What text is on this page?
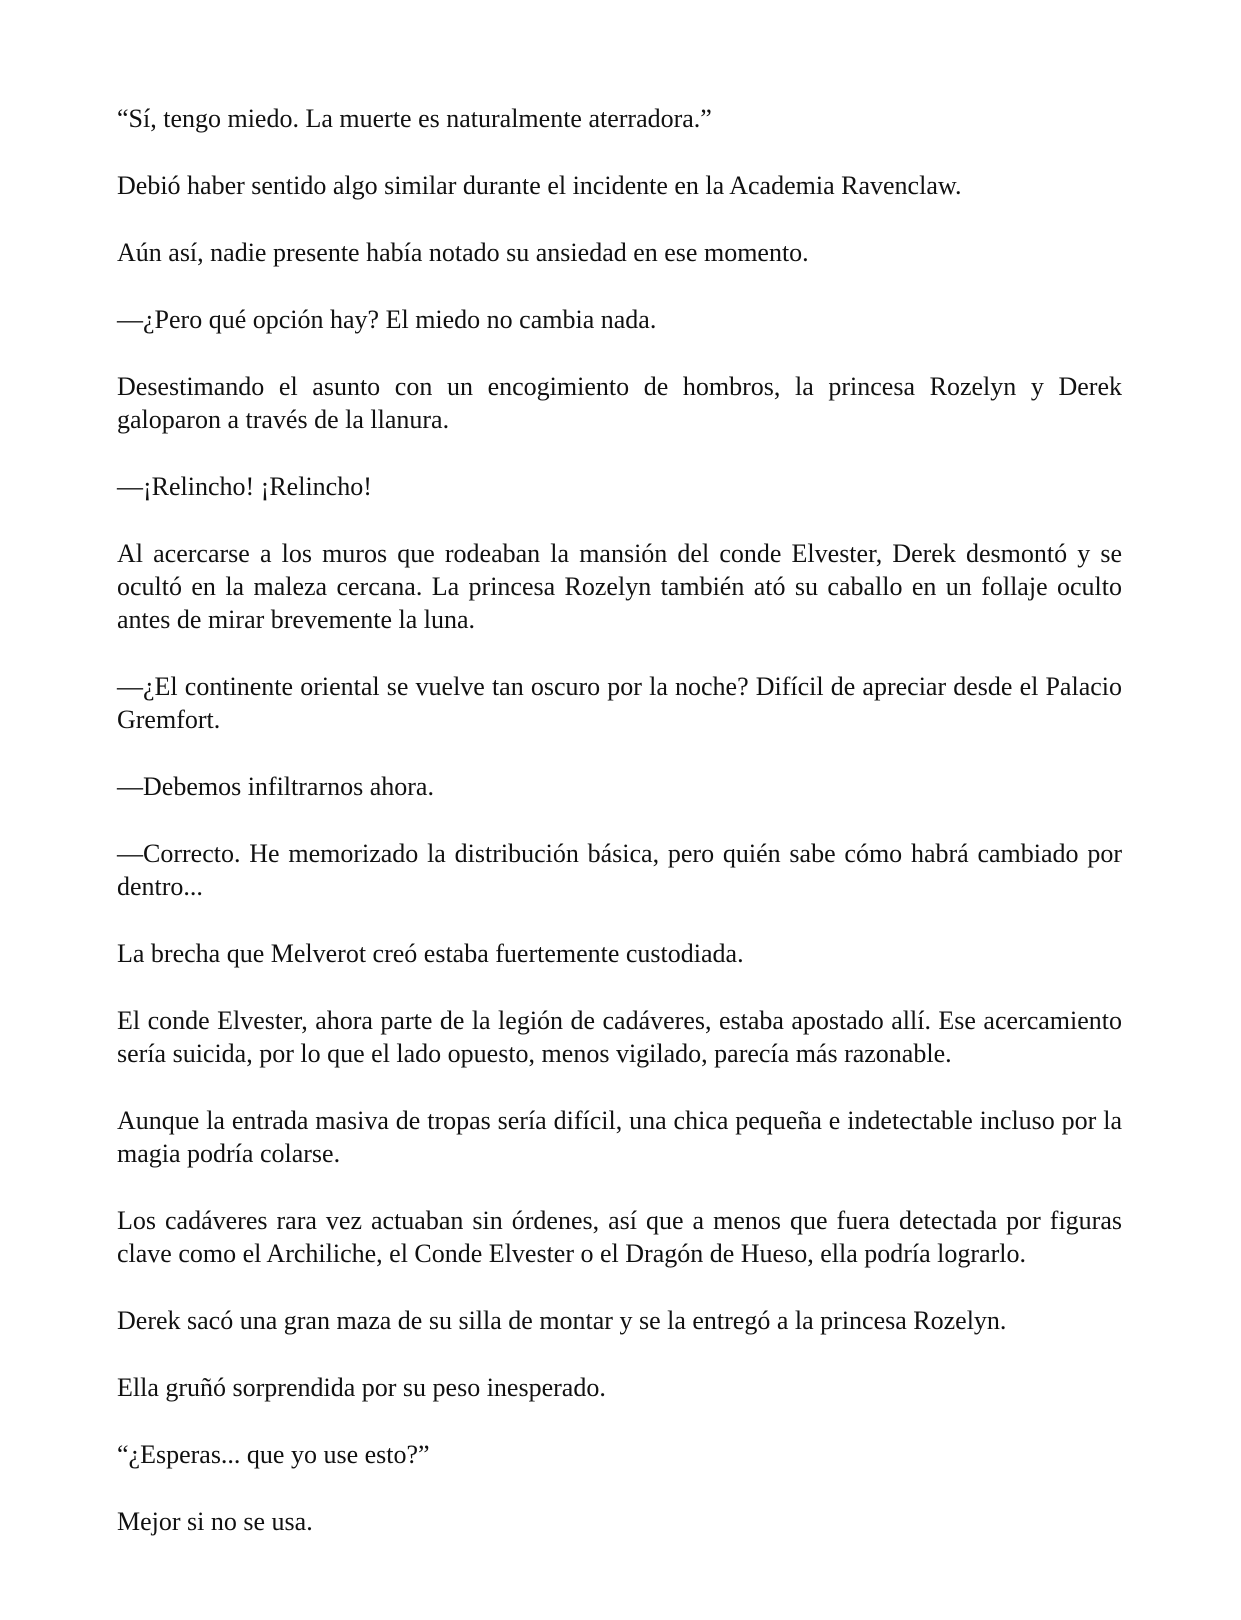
“Sí, tengo miedo. La muerte es naturalmente aterradora.”

Debió haber sentido algo similar durante el incidente en la Academia Ravenclaw.

Aún así, nadie presente había notado su ansiedad en ese momento.

—¿Pero qué opción hay? El miedo no cambia nada.

Desestimando el asunto con un encogimiento de hombros, la princesa Rozelyn y Derek galoparon a través de la llanura.

—¡Relincho! ¡Relincho!

Al acercarse a los muros que rodeaban la mansión del conde Elvester, Derek desmontó y se ocultó en la maleza cercana. La princesa Rozelyn también ató su caballo en un follaje oculto antes de mirar brevemente la luna.

—¿El continente oriental se vuelve tan oscuro por la noche? Difícil de apreciar desde el Palacio Gremfort.

—Debemos infiltrarnos ahora.

—Correcto. He memorizado la distribución básica, pero quién sabe cómo habrá cambiado por dentro...

La brecha que Melverot creó estaba fuertemente custodiada.

El conde Elvester, ahora parte de la legión de cadáveres, estaba apostado allí. Ese acercamiento sería suicida, por lo que el lado opuesto, menos vigilado, parecía más razonable.

Aunque la entrada masiva de tropas sería difícil, una chica pequeña e indetectable incluso por la magia podría colarse.

Los cadáveres rara vez actuaban sin órdenes, así que a menos que fuera detectada por figuras clave como el Archiliche, el Conde Elvester o el Dragón de Hueso, ella podría lograrlo.

Derek sacó una gran maza de su silla de montar y se la entregó a la princesa Rozelyn.

Ella gruñó sorprendida por su peso inesperado.

“¿Esperas... que yo use esto?”

Mejor si no se usa.
